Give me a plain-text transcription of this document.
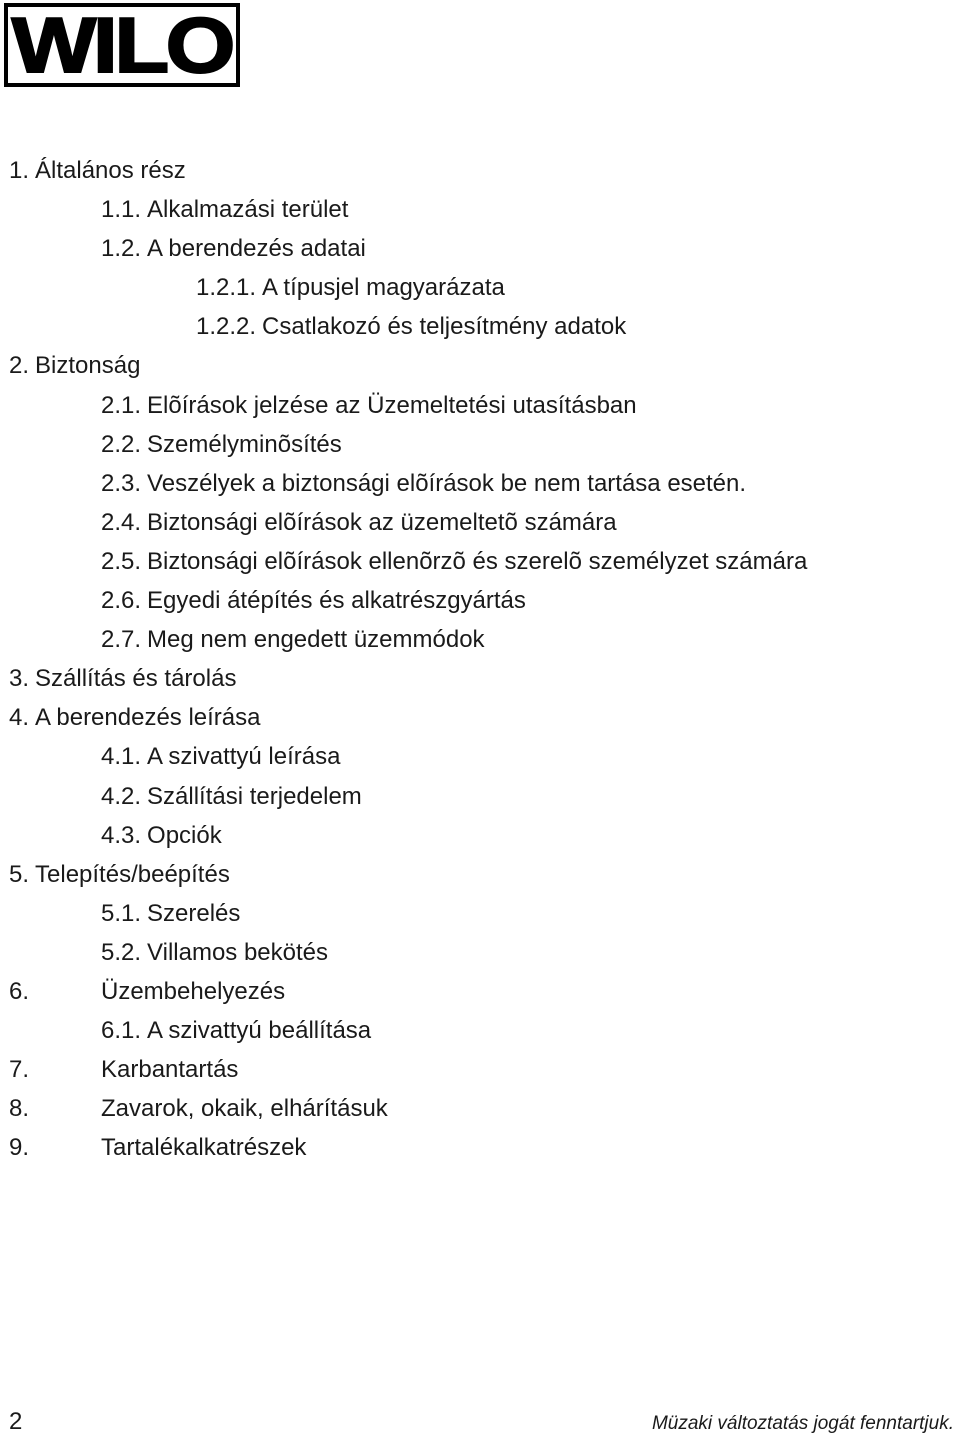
WILO
1. Általános rész
1.1. Alkalmazási terület
1.2. A berendezés adatai
1.2.1. A típusjel magyarázata
1.2.2. Csatlakozó és teljesítmény adatok
2. Biztonság
2.1. Elõírások jelzése az Üzemeltetési utasításban
2.2. Személyminõsítés
2.3. Veszélyek a biztonsági elõírások be nem tartása esetén.
2.4. Biztonsági elõírások az üzemeltetõ számára
2.5. Biztonsági elõírások ellenõrzõ és szerelõ személyzet számára
2.6. Egyedi átépítés és alkatrészgyártás
2.7. Meg nem engedett üzemmódok
3. Szállítás és tárolás
4. A berendezés leírása
4.1. A szivattyú leírása
4.2. Szállítási terjedelem
4.3. Opciók
5. Telepítés/beépítés
5.1. Szerelés
5.2. Villamos bekötés
6.	Üzembehelyezés
6.1. A szivattyú beállítása
7.	Karbantartás
8.	Zavarok, okaik, elhárításuk
9.	Tartalékalkatrészek
2	Müzaki változtatás jogát fenntartjuk.
